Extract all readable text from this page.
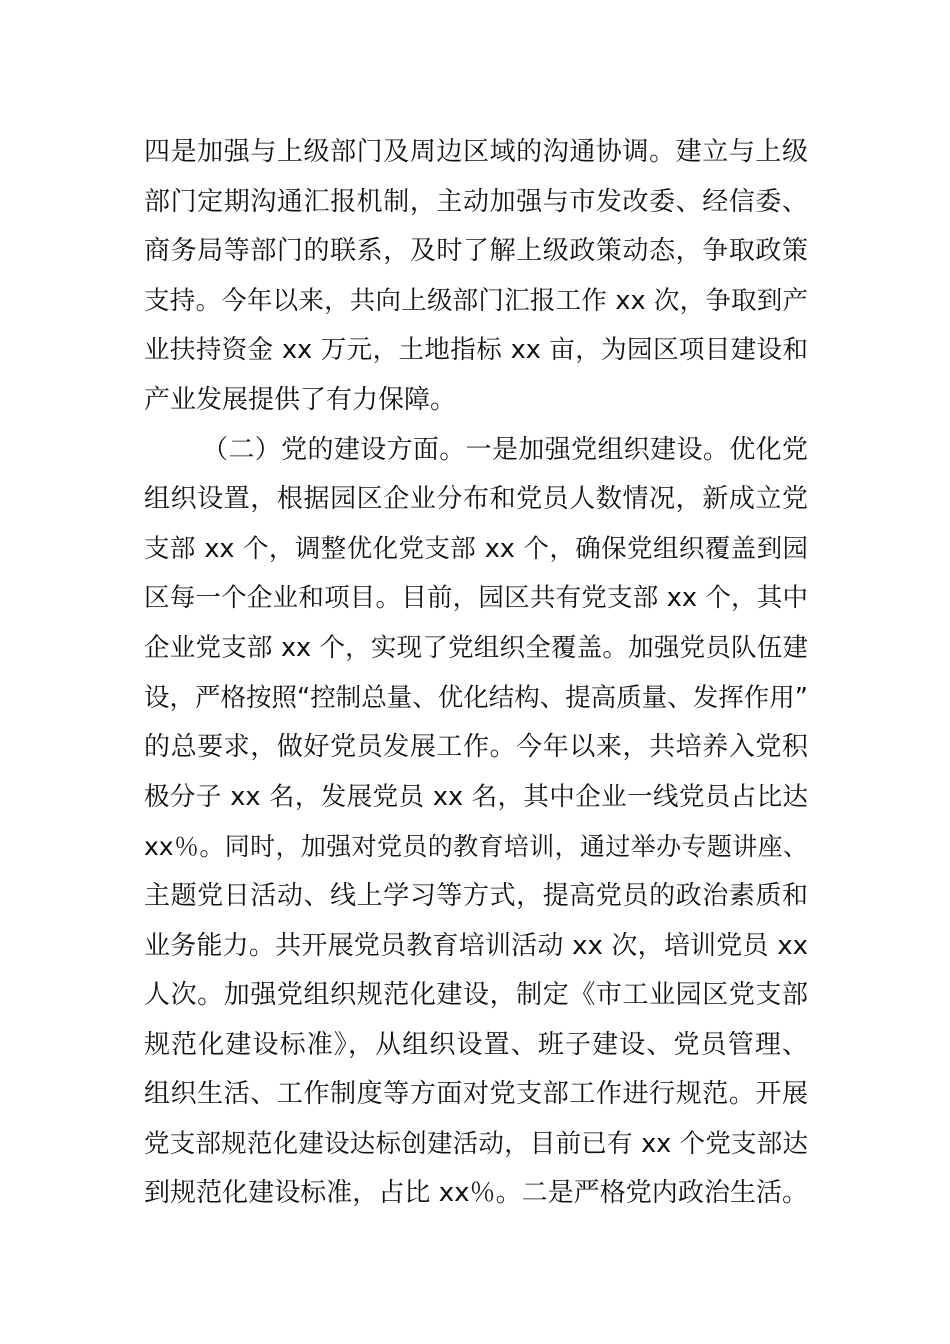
四是加强与上级部门及周边区域的沟通协调。建立与上级
部门定期沟通汇报机制，主动加强与市发改委、经信委、
商务局等部门的联系，及时了解上级政策动态，争取政策
支持。今年以来，共向上级部门汇报工作 xx 次，争取到产
业扶持资金 xx 万元，土地指标 xx 亩，为园区项目建设和
产业发展提供了有力保障。
（二）党的建设方面。一是加强党组织建设。优化党
组织设置，根据园区企业分布和党员人数情况，新成立党
支部 xx 个，调整优化党支部 xx 个，确保党组织覆盖到园
区每一个企业和项目。目前，园区共有党支部 xx 个，其中
企业党支部 xx 个，实现了党组织全覆盖。加强党员队伍建
设，严格按照“控制总量、优化结构、提高质量、发挥作用”
的总要求，做好党员发展工作。今年以来，共培养入党积
极分子 xx 名，发展党员 xx 名，其中企业一线党员占比达
xx％。同时，加强对党员的教育培训，通过举办专题讲座、
主题党日活动、线上学习等方式，提高党员的政治素质和
业务能力。共开展党员教育培训活动 xx 次，培训党员 xx
人次。加强党组织规范化建设，制定《市工业园区党支部
规范化建设标准》，从组织设置、班子建设、党员管理、
组织生活、工作制度等方面对党支部工作进行规范。开展
党支部规范化建设达标创建活动，目前已有 xx 个党支部达
到规范化建设标准，占比 xx％。二是严格党内政治生活。
